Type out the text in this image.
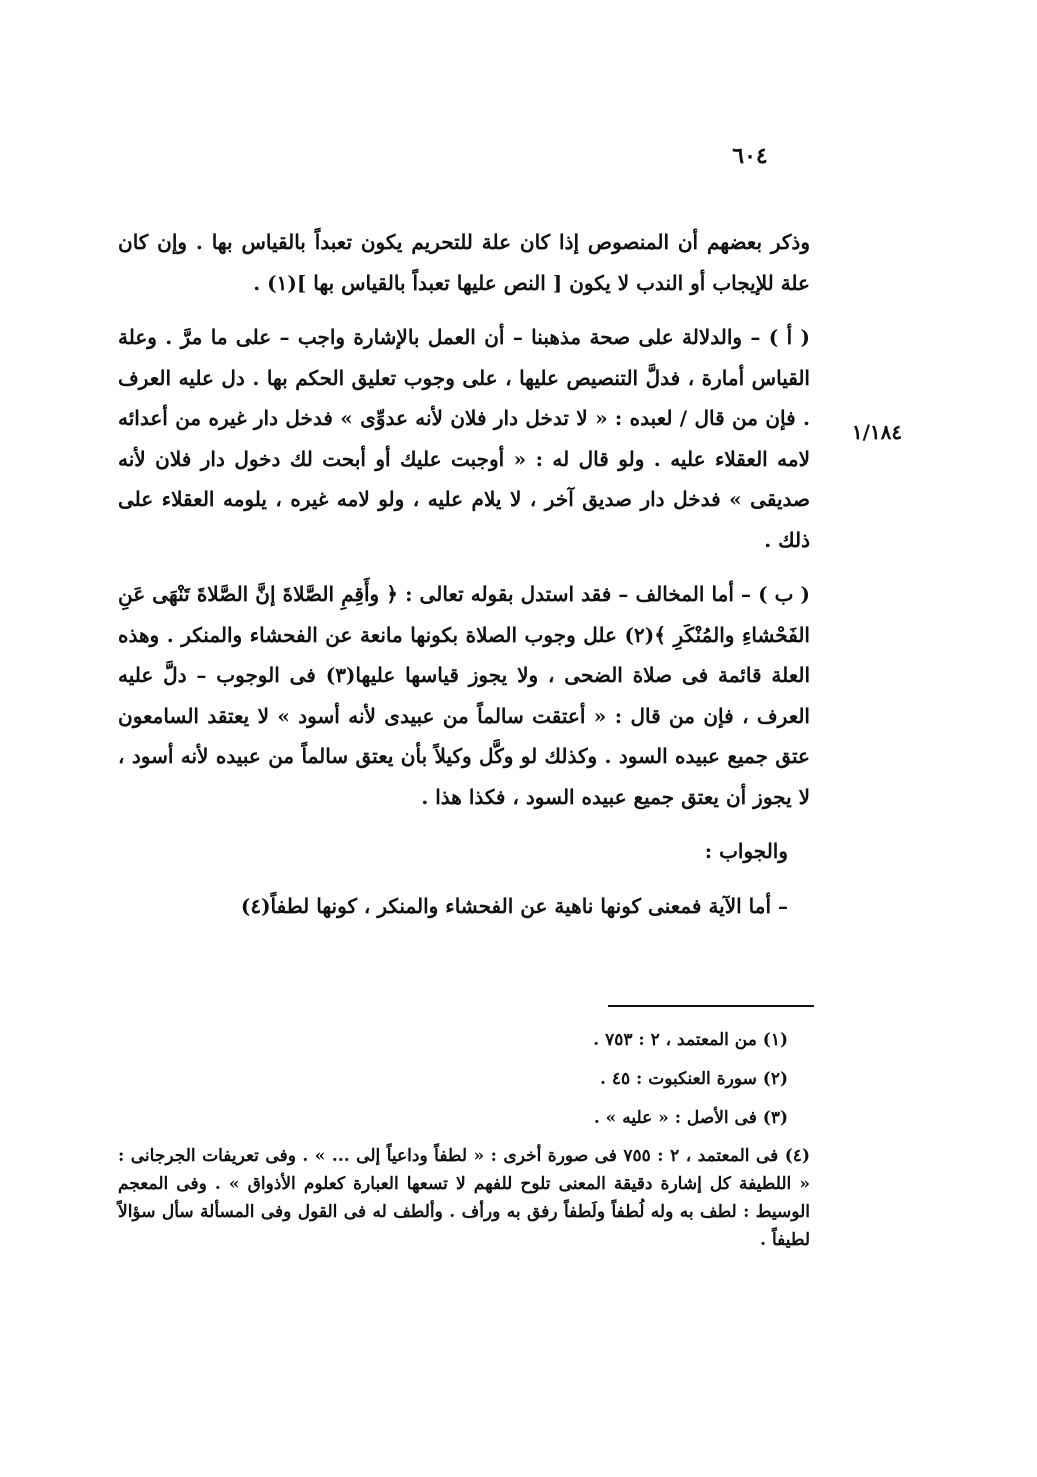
٦٠٤
١/١٨٤

وذكر بعضهم أن المنصوص إذا كان علة للتحريم يكون تعبداً بالقياس بها . وإن كان علة للإيجاب أو الندب لا يكون [ النص عليها تعبداً بالقياس بها ](١) .

( أ ) – والدلالة على صحة مذهبنا – أن العمل بالإشارة واجب – على ما مرَّ . وعلة القياس أمارة ، فدلَّ التنصيص عليها ، على وجوب تعليق الحكم بها . دل عليه العرف . فإن من قال / لعبده : « لا تدخل دار فلان لأنه عدوِّى » فدخل دار غيره من أعدائه لامه العقلاء عليه . ولو قال له : « أوجبت عليك أو أبحت لك دخول دار فلان لأنه صديقى » فدخل دار صديق آخر ، لا يلام عليه ، ولو لامه غيره ، يلومه العقلاء على ذلك .

( ب ) – أما المخالف – فقد استدل بقوله تعالى : ﴿ وأَقِمِ الصَّلاةَ إنَّ الصَّلاةَ تَنْهَى عَنِ الفَحْشاءِ والمُنْكَرِ ﴾(٢) علل وجوب الصلاة بكونها مانعة عن الفحشاء والمنكر . وهذه العلة قائمة فى صلاة الضحى ، ولا يجوز قياسها عليها(٣) فى الوجوب – دلَّ عليه العرف ، فإن من قال : « أعتقت سالماً من عبيدى لأنه أسود » لا يعتقد السامعون عتق جميع عبيده السود . وكذلك لو وكَّل وكيلاً بأن يعتق سالماً من عبيده لأنه أسود ، لا يجوز أن يعتق جميع عبيده السود ، فكذا هذا .

والجواب :

– أما الآية فمعنى كونها ناهية عن الفحشاء والمنكر ، كونها لطفاً(٤)

(١) من المعتمد ، ٢ : ٧٥٣ .

(٢) سورة العنكبوت : ٤٥ .

(٣) فى الأصل : « عليه » .

(٤) فى المعتمد ، ٢ : ٧٥٥ فى صورة أخرى : « لطفاً وداعياً إلى ... » . وفى تعريفات الجرجانى : « اللطيفة كل إشارة دقيقة المعنى تلوح للفهم لا تسعها العبارة كعلوم الأذواق » . وفى المعجم الوسيط : لطف به وله لُطفاً ولَطفاً رفق به ورأف . وألطف له فى القول وفى المسألة سأل سؤالاً لطيفاً .
